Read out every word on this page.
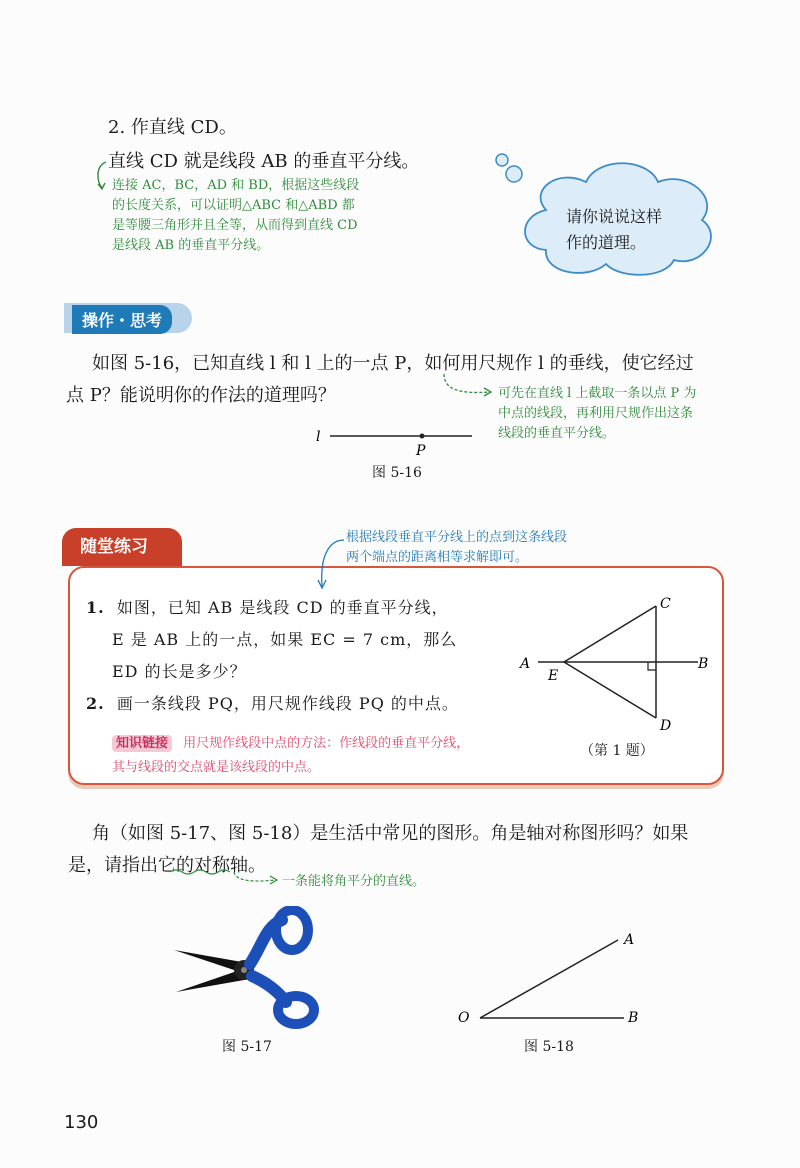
2. 作直线 CD。
直线 CD 就是线段 AB 的垂直平分线。
连接 AC，BC，AD 和 BD，根据这些线段
的长度关系，可以证明△ABC 和△ABD 都
是等腰三角形并且全等，从而得到直线 CD
是线段 AB 的垂直平分线。
请你说说这样
作的道理。
操作・思考
如图 5-16，已知直线 l 和 l 上的一点 P，如何用尺规作 l 的垂线，使它经过
点 P？能说明你的作法的道理吗？	可先在直线 l 上截取一条以点 P 为
中点的线段，再利用尺规作出这条
线段的垂直平分线。
l
P
图 5-16
随堂练习	根据线段垂直平分线上的点到这条线段
两个端点的距离相等求解即可。
1. 如图，已知 AB 是线段 CD 的垂直平分线，
E 是 AB 上的一点，如果 EC = 7 cm，那么
ED 的长是多少？
2. 画一条线段 PQ，用尺规作线段 PQ 的中点。
知识链接 用尺规作线段中点的方法：作线段的垂直平分线，
其与线段的交点就是该线段的中点。
A	B
C
D
E
（第 1 题）
角（如图 5-17、图 5-18）是生活中常见的图形。角是轴对称图形吗？如果
是，请指出它的对称轴。
一条能将角平分的直线。
图 5-17
O	B
A
图 5-18
130
